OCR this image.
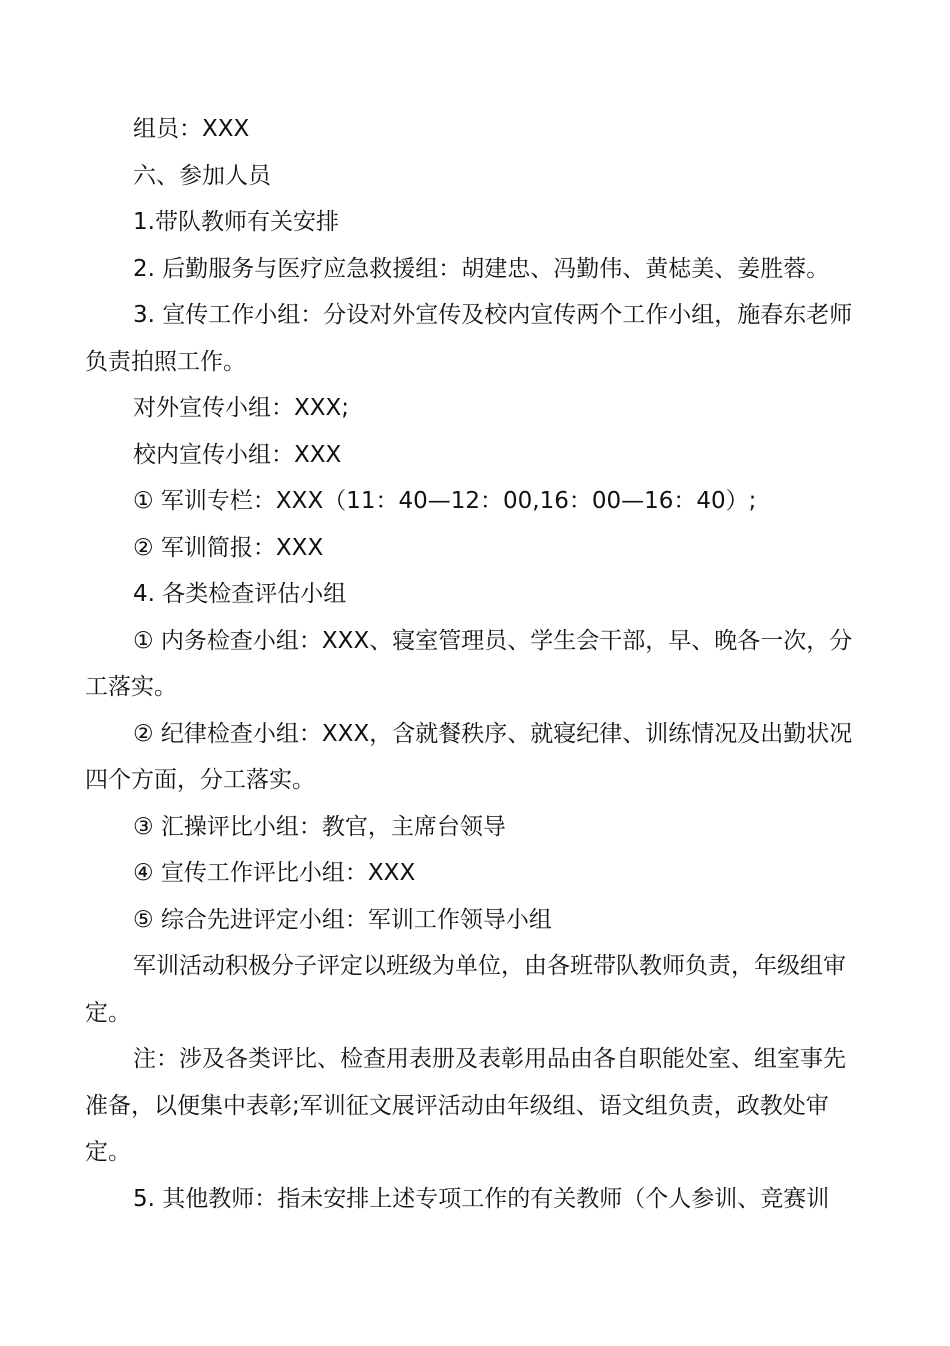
组员：XXX

六、参加人员

1.带队教师有关安排

2. 后勤服务与医疗应急救援组：胡建忠、冯勤伟、黄梽美、姜胜蓉。

3. 宣传工作小组：分设对外宣传及校内宣传两个工作小组，施春东老师负责拍照工作。

对外宣传小组：XXX;

校内宣传小组：XXX

① 军训专栏：XXX（11：40—12：00,16：00—16：40）;

② 军训简报：XXX

4. 各类检查评估小组

① 内务检查小组：XXX、寝室管理员、学生会干部，早、晚各一次，分工落实。

② 纪律检查小组：XXX，含就餐秩序、就寝纪律、训练情况及出勤状况四个方面，分工落实。

③ 汇操评比小组：教官，主席台领导

④ 宣传工作评比小组：XXX

⑤ 综合先进评定小组：军训工作领导小组

军训活动积极分子评定以班级为单位，由各班带队教师负责，年级组审定。

注：涉及各类评比、检查用表册及表彰用品由各自职能处室、组室事先准备，以便集中表彰;军训征文展评活动由年级组、语文组负责，政教处审定。

5. 其他教师：指未安排上述专项工作的有关教师（个人参训、竞赛训
